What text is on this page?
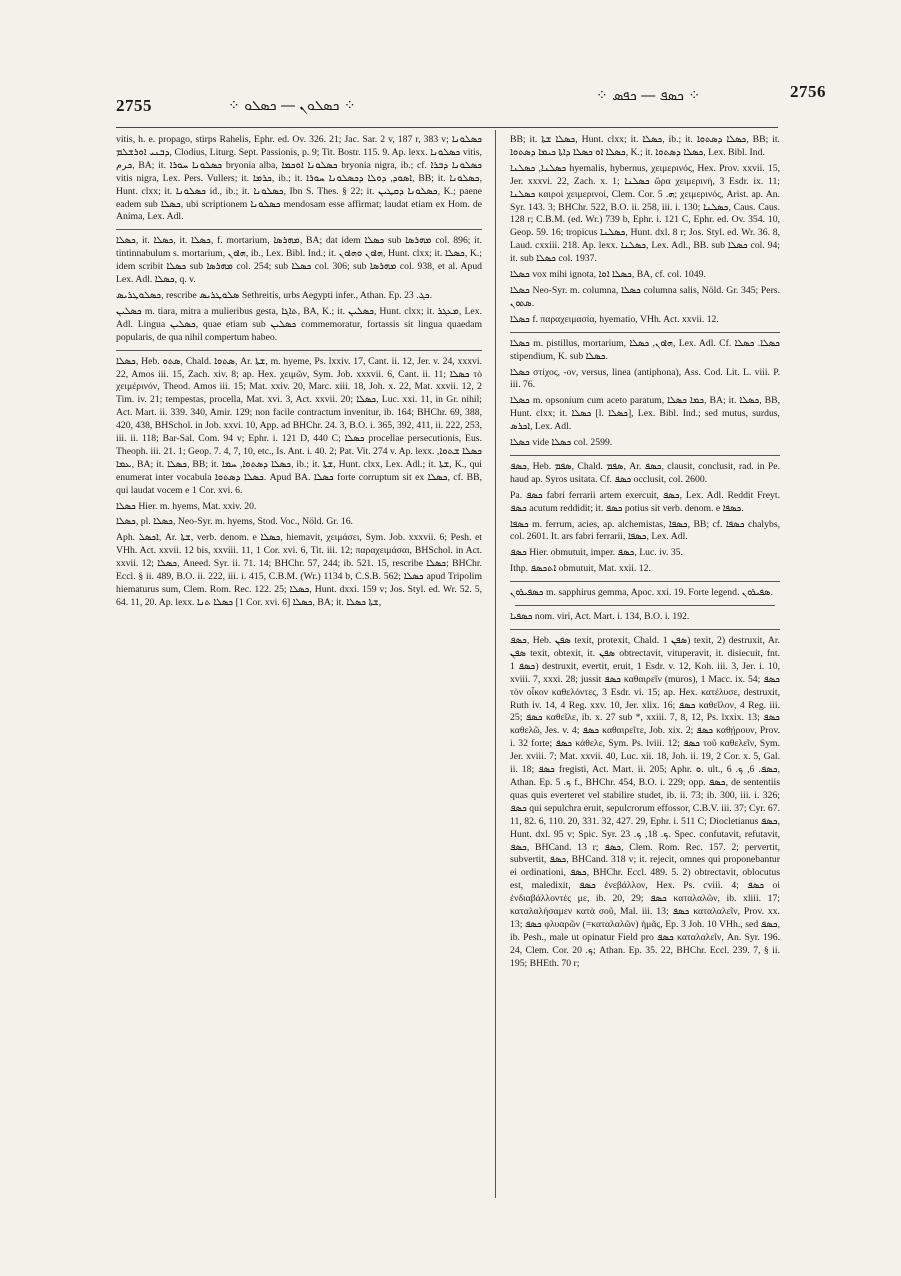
2755	⁘ ܟܣܠܘܢ ― ܟܣܠܘ ⁘
⁘ ܟܣܦ ― ܟܦܣ ⁘	2756

vitis, h. e. propago, stirps Rahelis, Ephr. ed. Ov. 326. 21; Jac. Sar. 2 v, 187 r, 383 v; ܟܣܠܘܢܐ ܕܒܢܝ ܐܘܪܫܠܡ, Clodius, Liturg. Sept. Passionis, p. 9; Tit. Bostr. 115. 9. Ap. lexx. ܟܣܠܘܢܐ vitis, ܟرم, BA; it. ܟܣܠܘܢܐ ܚܘܪܐ bryonia alba, ܟܣܠܘܢܐ ܐܘܟܡܐ bryonia nigra, ib.; cf. ܟܣܠܘܢܐ ܕܒܪܐ vitis nigra, Lex. Pers. Vullers; it. ܟܪܡܐ, ib.; it. ܐܣܘܕ, ܕܘܠܐ ܕܟܣܠܘܢܐ ܚܘܪܐ, BB; it. ܟܣܠܘܢܐ, Hunt. clxx; it. ܟܣܠܘܢܐ id., ib.; it. ܟܣܠܘܢܐ, Ibn S. Thes. § 22; it. ܟܣܠܘܢܐ ܕܩܛܝܢ, K.; paene eadem sub ܟܣܠܐ, ubi scriptionem ܟܣܠܘܢܐ mendosam esse affirmat; laudat etiam ex Hom. de Anima, Lex. Adl.

ܟܣܠܐ, it. ܟܣܠܐ, it. ܟܣܠܐ, f. mortarium, ܡܗܪܣܐ, BA; dat idem ܟܣܠܐ sub ܡܗܪܣܐ col. 896; it. tintinnabulum s. mortarium, ܗܐܘܢ, ib., Lex. Bibl. Ind.; it. ܗܐܘܢ ܘܗܐܘܢ, Hunt. clxx; it. ܟܣܠܐ, K.; idem scribit ܟܣܠܐ sub ܡܗܪܣܐ col. 254; sub ܟܣܠܐ col. 306; sub ܡܗܪܣܐ col. 938, et al. Apud Lex. Adl. ܟܣܠܐ, q. v.

ܟܣܠܘܛܪܝܣ, rescribe ܣܠܘܛܪܝܣ Sethreitis, urbs Aegypti infer., Athan. Ep. ܟܓ. 23.

ܟܣܠܝܢ m. tiara, mitra a mulieribus gesta, ܬܐܓܐ, BA, K.; it. ܟܣܠܝܢ, Hunt. clxx; it. ܡܥܓܪ, Lex. Adl. Lingua ܟܣܠܝܢ, quae etiam sub ܟܣܠܝܢ commemoratur, fortassis sit lingua quaedam popularis, de qua nihil compertum habeo.

ܟܣܠܐ, Heb. ܣܬܘ, Chald. ܣܬܘܐ, Ar. ܫܬܐ, m. hyeme, Ps. lxxiv. 17, Cant. ii. 12, Jer. v. 24, xxxvi. 22, Amos iii. 15, Zach. xiv. 8; ap. Hex. χειμῶν, Sym. Job. xxxvii. 6, Cant. ii. 11; ܟܣܠܐ τὸ χειμέρινόν, Theod. Amos iii. 15; Mat. xxiv. 20, Marc. xiii. 18, Joh. x. 22, Mat. xxvii. 12, 2 Tim. iv. 21; tempestas, procella, Mat. xvi. 3, Act. xxvii. 20; ܟܣܠܐ, Luc. xxi. 11, in Gr. nihil; Act. Mart. ii. 339. 340, Amir. 129; non facile contractum invenitur, ib. 164; BHChr. 69, 388, 420, 438, BHSchol. in Job. xxvi. 10, App. ad BHChr. 24. 3, B.O. i. 365, 392, 411, ii. 222, 253, iii. ii. 118; Bar-Sal. Com. 94 v; Ephr. i. 121 D, 440 C; ܟܣܠܐ procellae persecutionis, Eus. Theoph. iii. 21. 1; Geop. 7. 4, 7, 10, etc., Is. Ant. i. 40. 2; Pat. Vit. 274 v. Ap. lexx. ܟܣܠܐ ܫܬܘܐ, ܥܡܐ, BA; it. ܟܣܠܐ, BB; it. ܟܣܠܐ ܕܣܬܘܐ, ܚܡܐ, ib.; it. ܫܬܐ, Hunt. clxx, Lex. Adl.; it. ܫܬܐ, K., qui enumerat inter vocabula ܟܣܠܐ ܕܣܬܘܐ. Apud BA. ܟܣܠܐ forte corruptum sit ex ܟܣܠܐ, cf. BB, qui laudat vocem e 1 Cor. xvi. 6.

ܟܣܠܐ Hier. m. hyems, Mat. xxiv. 20.

ܟܣܠܐ, pl. ܟܣܠܐ, Neo-Syr. m. hyems, Stod. Voc., Nöld. Gr. 16.

Aph. ܐܟܣܠ, Ar. ܫܬܐ, verb. denom. e ܟܣܠܐ, hiemavit, χειμάσει, Sym. Job. xxxvii. 6; Pesh. et VHh. Act. xxvii. 12 bis, xxviii. 11, 1 Cor. xvi. 6, Tit. iii. 12; παραχειμάσαι, BHSchol. in Act. xxvii. 12; ܟܣܠܐ, Aneed. Syr. ii. 71. 14; BHChr. 57, 244; ib. 521. 15, rescribe ܟܣܠܐ; BHChr. Eccl. § ii. 489, B.O. ii. 222, iii. i. 415, C.B.M. (Wr.) 1134 b, C.S.B. 562; ܟܣܠܐ apud Tripolim hiematurus sum, Clem. Rom. Rec. 122. 25; ܟܣܠܐ, Hunt. dxxi. 159 v; Jos. Styl. ed. Wr. 52. 5, 64. 11, 20. Ap. lexx. ܟܣܠܐ ܬܢܐ [1 Cor. xvi. 6] ܟܣܠܐ, BA; it. ܫܬܐ ܟܣܠܐ,

BB; it. ܟܣܠܐ ܫܬܐ, Hunt. clxx; it. ܟܣܠܐ, ib.; it. ܟܣܠܐ ܕܣܬܘܐ, BB; it. ܟܣܠܐ ܐܘ ܟܣܠܐ ܕܐܬܐ ܟܝܡܐ ܕܣܬܘܐ, K.; it. ܟܣܠܐ ܕܣܬܘܐ, Lex. Bibl. Ind.

ܟܣܠܢܐ, ܟܣܠܢܐ hyemalis, hybernus, χειμερινός, Hex. Prov. xxvii. 15, Jer. xxxvi. 22, Zach. x. 1; ܟܣܠܢܐ ὥρα χειμερινή, 3 Esdr. ix. 11; ܟܣܠܢܐ καιροὶ χειμερινοί, Clem. Cor. ܗ. 5; χειμερινός, Arist. ap. An. Syr. 143. 3; BHChr. 522, B.O. ii. 258, iii. i. 130; ܟܣܠܢܐ, Caus. Caus. 128 r; C.B.M. (ed. Wr.) 739 b, Ephr. i. 121 C, Ephr. ed. Ov. 354. 10, Geop. 59. 16; tropicus ܟܣܠܢܐ, Hunt. dxl. 8 r; Jos. Styl. ed. Wr. 36. 8, Laud. cxxiii. 218. Ap. lexx. ܟܣܠܢܐ, Lex. Adl., BB. sub ܟܣܠܐ col. 94; it. sub ܟܣܠܐ col. 1937.

ܟܣܠܐ vox mihi ignota, ܟܣܠܐ ܐܘܐ, BA, cf. col. 1049.

ܟܣܠܐ Neo-Syr. m. columna, ܟܣܠܐ columna salis, Nöld. Gr. 345; Pers. ܣܬܘܢ.

ܟܣܠܐ f. παραχειμασία, hyematio, VHh. Act. xxvii. 12.

ܟܣܠܐ m. pistillus, mortarium, ܗܐܘܢ, ܟܣܠܐ, Lex. Adl. Cf. ܟܣܠܐ. ܟܣܠܐ stipendium, K. sub ܟܣܠܐ.

ܟܣܠܐ στίχος, -ον, versus, linea (antiphona), Ass. Cod. Lit. L. viii. P. iii. 76.

ܟܣܠܐ m. opsonium cum aceto paratum, ܟܡܐ ܟܣܠܐ, BA; it. ܟܣܠܐ, BB, Hunt. clxx; it. ܟܣܠܐ [l. ܟܣܠܐ], Lex. Bibl. Ind.; sed mutus, surdus, ܐܟܪܣ, Lex. Adl.

ܟܣܠܐ vide ܟܣܠܐ col. 2599.

ܟܣܦ, Heb. ܣܦܡ, Chald. ܣܦܡ, Ar. ܟܣܦ, clausit, conclusit, rad. in Pe. haud ap. Syros usitata. Cf. ܟܣܦ occlusit, col. 2600.

Pa. ܟܣܦ fabri ferrarii artem exercuit, ܟܣܦ, Lex. Adl. Reddit Freyt. ܟܣܦ acutum reddidit; it. ܟܣܦ potius sit verb. denom. e ܟܣܦܐ.

ܟܣܦܐ m. ferrum, acies, ap. alchemistas, ܟܣܦܐ, BB; cf. ܟܣܦܐ chalybs, col. 2601. It. ars fabri ferrarii, ܟܣܦܐ, Lex. Adl.

ܟܣܦ Hier. obmutuit, imper. ܟܣܦ, Luc. iv. 35.

Ithp. ܐܬܟܣܦ obmutuit, Mat. xxii. 12.

ܟܣܦܝܪܘܢ m. sapphirus gemma, Apoc. xxi. 19. Forte legend. ܣܦܝܪܘܢ.

ܟܣܦܝܐ nom. viri, Act. Mart. i. 134, B.O. i. 192.

ܟܣܦ, Heb. ܣܦܢ texit, protexit, Chald. ܣܦܢ 1) texit, 2) destruxit, Ar. ܣܦܢ texit, obtexit, it. ܣܦܢ obtrectavit, vituperavit, it. disiecuit, fnt. ܟܣܦ 1) destruxit, evertit, eruit, 1 Esdr. v. 12, Koh. iii. 3, Jer. i. 10, xviii. 7, xxxi. 28; jussit ܟܣܦ καθαιρεῖν (muros), 1 Macc. ix. 54; ܟܣܦ τὸν οἶκον καθελόντες, 3 Esdr. vi. 15; ap. Hex. κατέλυσε, destruxit, Ruth iv. 14, 4 Reg. xxv. 10, Jer. xlix. 16; ܟܣܦ καθεῖλον, 4 Reg. iii. 25; ܟܣܦ καθεῖλε, ib. x. 27 sub *, xxiii. 7, 8, 12, Ps. lxxix. 13; ܟܣܦ καθελῶ, Jes. v. 4; ܟܣܦ καθαιρεῖτε, Job. xix. 2; ܟܣܦ καθῄρουν, Prov. i. 32 forte; ܟܣܦ κάθελε, Sym. Ps. lviii. 12; ܟܣܦ τοῦ καθελεῖν, Sym. Jer. xviii. 7; Mat. xxvii. 40, Luc. xii. 18, Joh. ii. 19, 2 Cor. x. 5, Gal. ii. 18; ܟܣܦ fregisti, Act. Mart. ii. 205; Aphr. ܘ. ult., ܟܣܦ. 6, ܟ. 6, Athan. Ep. ܟ. 5 f., BHChr. 454, B.O. i. 229; opp. ܟܣܦ, de sententiis quas quis everteret vel stabilire studet, ib. ii. 73; ib. 300, iii. i. 326; ܟܣܦ qui sepulchra eruit, sepulcrorum effossor, C.B.V. iii. 37; Cyr. 67. 11, 82. 6, 110. 20, 331. 32, 427. 29, Ephr. i. 511 C; Diocletianus ܟܣܦ, Hunt. dxl. 95 v; Spic. Syr. ܟ. 18, ܟ. 23. Spec. confutavit, refutavit, ܟܣܦ, BHCand. 13 r; ܟܣܦ, Clem. Rom. Rec. 157. 2; pervertit, subvertit, ܟܣܦ, BHCand. 318 v; it. rejecit, omnes qui proponebantur ei ordinationi, ܟܣܦ, BHChr. Eccl. 489. 5. 2) obtrectavit, oblocutus est, maledixit, ܟܣܦ ἐνεβάλλον, Hex. Ps. cviii. 4; ܟܣܦ οἱ ἐνδιαβάλλοντές με, ib. 20, 29; ܟܣܦ καταλαλῶν, ib. xliii. 17; καταλαλήσαμεν κατὰ σοῦ, Mal. iii. 13; ܟܣܦ καταλαλεῖν, Prov. xx. 13; ܟܣܦ φλυαρῶν (=καταλαλῶν) ἡμᾶς, Ep. 3 Joh. 10 VHh., sed ܟܣܦ, ib. Pesh., male ut opinatur Field pro ܟܣܦ καταλαλεῖν, An. Syr. 196. 24, Clem. Cor. ܟ. 20; Athan. Ep. 35. 22, BHChr. Eccl. 239. 7, § ii. 195; BHEth. 70 r;
